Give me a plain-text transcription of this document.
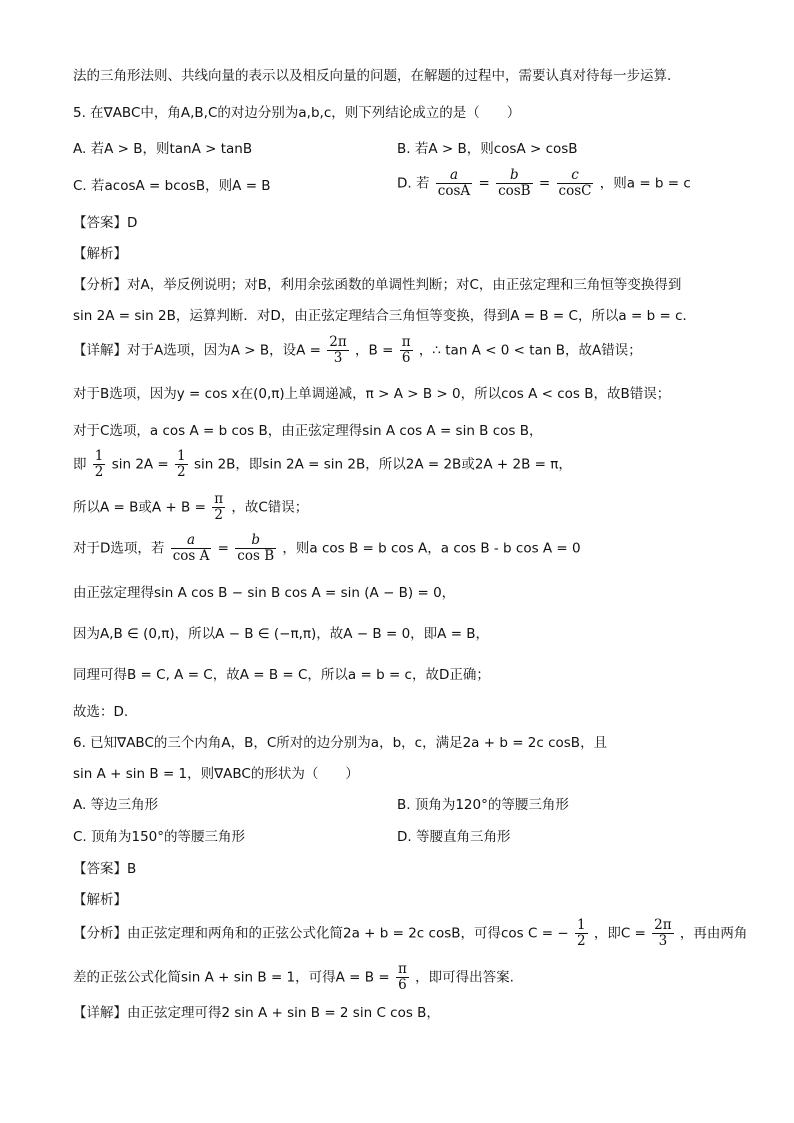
法的三角形法则、共线向量的表示以及相反向量的问题，在解题的过程中，需要认真对待每一步运算.
5. 在∇ABC中，角A,B,C的对边分别为a,b,c，则下列结论成立的是（　　）
A. 若A > B，则tanA > tanB	B. 若A > B，则cosA > cosB
C. 若acosA = bcosB，则A = B	D. 若 $\frac{a}{\cos A} = \frac{b}{\cos B} = \frac{c}{\cos C}$ ，则a = b = c
【答案】D
【解析】
【分析】对A，举反例说明；对B，利用余弦函数的单调性判断；对C，由正弦定理和三角恒等变换得到
sin 2A = sin 2B，运算判断．对D，由正弦定理结合三角恒等变换，得到A = B = C，所以a = b = c．
【详解】对于A选项，因为A > B，设$A = \frac{2\pi}{3}$ ，$B = \frac{\pi}{6}$ ，∴ tan A < 0 < tan B，故A错误；
对于B选项，因为y = cos x在(0,π)上单调递减，π > A > B > 0，所以cos A < cos B，故B错误；
对于C选项，a cos A = b cos B，由正弦定理得sin A cos A = sin B cos B，
即 $\frac{1}{2}$ $\sin 2A = \frac{1}{2}$ sin 2B，即sin 2A = sin 2B，所以2A = 2B或2A + 2B = π，
所以A = B或$A + B = \frac{\pi}{2}$ ，故C错误；
对于D选项，若 $\frac{a}{\text{cos A}} = \frac{b}{\text{cos B}}$ ，则a cos B = b cos A，a cos B - b cos A = 0
由正弦定理得sin A cos B − sin B cos A = sin (A − B) = 0，
因为A,B ∈ (0,π)，所以A − B ∈ (−π,π)，故A − B = 0，即A = B，
同理可得B = C, A = C，故A = B = C，所以a = b = c，故D正确；
故选：D.
6. 已知∇ABC的三个内角A，B，C所对的边分别为a，b，c，满足2a + b = 2c cosB，且
sin A + sin B = 1，则∇ABC的形状为（　　）
A. 等边三角形	B. 顶角为120°的等腰三角形
C. 顶角为150°的等腰三角形	D. 等腰直角三角形
【答案】B
【解析】
【分析】由正弦定理和两角和的正弦公式化简2a + b = 2c cosB，可得cos C = − $\frac{1}{2}$ ，即$C = \frac{2\pi}{3}$ ，再由两角
差的正弦公式化简sin A + sin B = 1，可得$A = B = \frac{\pi}{6}$ ，即可得出答案.
【详解】由正弦定理可得2 sin A + sin B = 2 sin C cos B，
